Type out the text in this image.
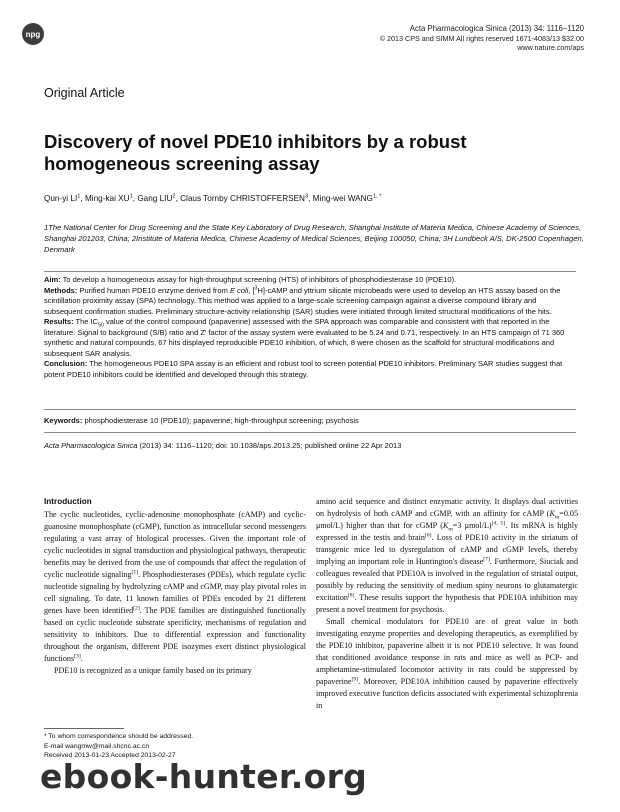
npg
Acta Pharmacologica Sinica (2013) 34: 1116–1120
© 2013 CPS and SIMM All rights reserved 1671-4083/13 $32.00
www.nature.com/aps
Original Article
Discovery of novel PDE10 inhibitors by a robust homogeneous screening assay
Qun-yi $LI^1$, Ming-kai $XU^1$, Gang LIU$^2$, Claus Tornby CHRISTOFFERSEN$^3$, Ming-wei $WANG^{1, *}$
1The National Center for Drug Screening and the State Key Laboratory of Drug Research, Shanghai Institute of Materia Medica, Chinese Academy of Sciences, Shanghai 201203, China; 2Institute of Materia Medica, Chinese Academy of Medical Sciences, Beijing 100050, China; 3H Lundbeck A/S, DK-2500 Copenhagen, Denmark

Aim: To develop a homogeneous assay for high-throughput screening (HTS) of inhibitors of phosphodiesterase 10 (PDE10).

Methods: Purified human PDE10 enzyme derived from E coli, [$^3$H]-cAMP and yttrium silicate microbeads were used to develop an HTS assay based on the scintillation proximity assay (SPA) technology. This method was applied to a large-scale screening campaign against a diverse compound library and subsequent confirmation studies. Preliminary structure-activity relationship (SAR) studies were initiated through limited structural modifications of the hits.

Results: The $IC_{50}$ value of the control compound (papaverine) assessed with the SPA approach was comparable and consistent with that reported in the literature. Signal to background (S/B) ratio and Z' factor of the assay system were evaluated to be 5.24 and 0.71, respectively. In an HTS campaign of 71 360 synthetic and natural compounds, 67 hits displayed reproducible PDE10 inhibition, of which, 8 were chosen as the scaffold for structural modifications and subsequent SAR analysis.

Conclusion: The homogeneous PDE10 SPA assay is an efficient and robust tool to screen potential PDE10 inhibitors. Preliminary SAR studies suggest that potent PDE10 inhibitors could be identified and developed through this strategy.

Keywords: phosphodiesterase 10 (PDE10); papaverine; high-throughput screening; psychosis
Acta Pharmacologica Sinica (2013) 34: 1116–1120; doi: 10.1038/aps.2013.25; published online 22 Apr 2013
Introduction

The cyclic nucleotides, cyclic-adenosine monophosphate (cAMP) and cyclic-guanosine monophosphate (cGMP), function as intracellular second messengers regulating a vast array of biological processes. Given the important role of cyclic nucleotides in signal transduction and physiological pathways, therapeutic benefits may be derived from the use of compounds that affect the regulation of cyclic nucleotide signaling[1]. Phosphodiesterases (PDEs), which regulate cyclic nucleotide signaling by hydrolyzing cAMP and cGMP, may play pivotal roles in cell signaling. To date, 11 known families of PDEs encoded by 21 different genes have been identified[2]. The PDE families are distinguished functionally based on cyclic nucleotide substrate specificity, mechanisms of regulation and sensitivity to inhibitors. Due to differential expression and functionality throughout the organism, different PDE isozymes exert distinct physiological functions[3].

PDE10 is recognized as a unique family based on its primary

* To whom correspondence should be addressed.
E-mail wangmw@mail.shcnc.ac.cn
Received 2013-01-23 Accepted 2013-02-27

amino acid sequence and distinct enzymatic activity. It displays dual activities on hydrolysis of both cAMP and cGMP, with an affinity for cAMP ($K_m=0.05$ μmol/L) higher than that for cGMP ($K_m=3$ μmol/L)[4, 5]. Its mRNA is highly expressed in the testis and brain[6]. Loss of PDE10 activity in the striatum of transgenic mice led to dysregulation of cAMP and cGMP levels, thereby implying an important role in Huntington's disease[7]. Furthermore, Siuciak and colleagues revealed that PDE10A is involved in the regulation of striatal output, possibly by reducing the sensitivity of medium spiny neurons to glutamatergic excitation[8]. These results support the hypothesis that PDE10A inhibition may present a novel treatment for psychosis.

Small chemical modulators for PDE10 are of great value in both investigating enzyme properties and developing therapeutics, as exemplified by the PDE10 inhibitor, papaverine albeit it is not PDE10 selective. It was found that conditioned avoidance response in rats and mice as well as PCP- and amphetamine-stimulated locomotor activity in rats could be suppressed by papaverine[9]. Moreover, PDE10A inhibition caused by papaverine effectively improved executive function deficits associated with experimental schizophrenia in

ebook-hunter.org
